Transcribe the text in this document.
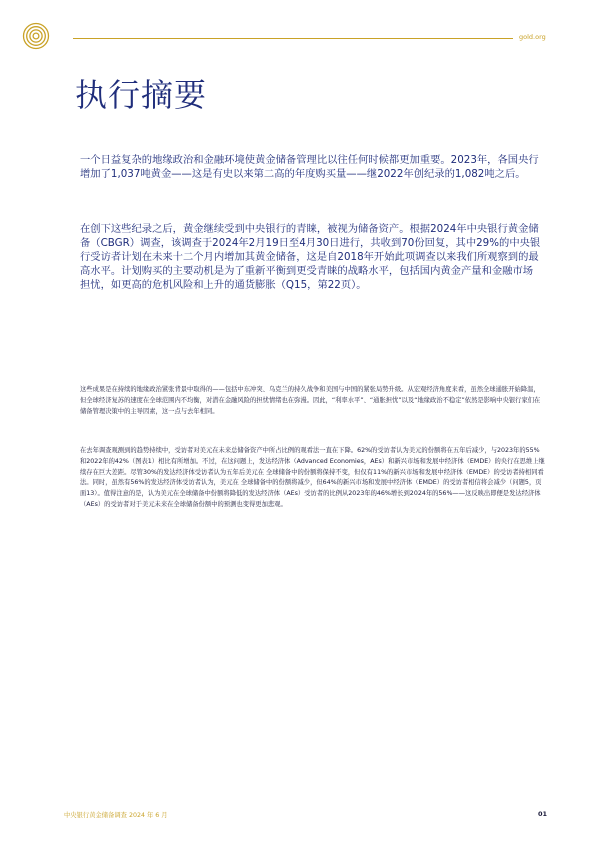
gold.org
执行摘要

一个日益复杂的地缘政治和金融环境使黄金储备管理比以往任何时候都更加重要。2023年，各国央行增加了1,037吨黄金——这是有史以来第二高的年度购买量——继2022年创纪录的1,082吨之后。

在创下这些纪录之后，黄金继续受到中央银行的青睐，被视为储备资产。根据2024年中央银行黄金储备（CBGR）调查，该调查于2024年2月19日至4月30日进行，共收到70份回复，其中29%的中央银行受访者计划在未来十二个月内增加其黄金储备，这是自2018年开始此项调查以来我们所观察到的最高水平。计划购买的主要动机是为了重新平衡到更受青睐的战略水平，包括国内黄金产量和金融市场担忧，如更高的危机风险和上升的通货膨胀（Q15，第22页）。

这些成果是在持续的地缘政治紧张背景中取得的——包括中东冲突、乌克兰的持久战争和美国与中国的紧张局势升级。从宏观经济角度来看，虽然全球通胀开始降温，但全球经济复苏的速度在全球范围内不均衡，对潜在金融风险的担忧情绪也在弥漫。因此，“利率水平”、“通胀担忧”以及“地缘政治不稳定”依然是影响中央银行家们在储备管理决策中的主导因素，这一点与去年相同。

在去年调查观测到的趋势持续中，受访者对美元在未来总储备资产中所占比例的观看法一直在下降。62%的受访者认为美元的份额将在五年后减少，与2023年的55%和2022年的42%（图表1）相比有所增加。不过，在这问题上，发达经济体（Advanced Economies，AEs）和新兴市场和发展中经济体（EMDE）的央行在思维上继续存在巨大差距。尽管30%的发达经济体受访者认为五年后美元在 全球储备中的份额将保持不变，但仅有11%的新兴市场和发展中经济体（EMDE）的受访者持相同看法。同时，虽然有56%的发达经济体受访者认为，美元在 全球储备中的份额将减少，但64%的新兴市场和发展中经济体（EMDE）的受访者相信将会减少（问题5，页面13）。值得注意的是，认为美元在全球储备中份额将降低的发达经济体（AEs）受访者的比例从2023年的46%增长到2024年的56%——这反映出即便是发达经济体（AEs）的受访者对于美元未来在全球储备份额中的预测也变得更加悲观。

中央银行黄金储备调查 2024 年 6 月	01
